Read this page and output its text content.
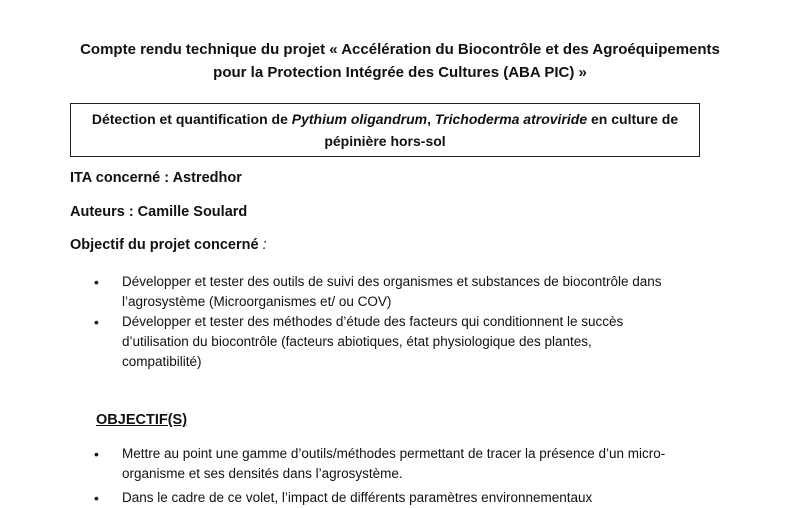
Compte rendu technique du projet « Accélération du Biocontrôle et des Agroéquipements
pour la Protection Intégrée des Cultures (ABA PIC) »
Détection et quantification de Pythium oligandrum, Trichoderma atroviride en culture de
pépinière hors-sol
ITA concerné : Astredhor
Auteurs : Camille Soulard
Objectif du projet concerné :
• Développer et tester des outils de suivi des organismes et substances de biocontrôle dans
l’agrosystème (Microorganismes et/ ou COV)
• Développer et tester des méthodes d’étude des facteurs qui conditionnent le succès
d’utilisation du biocontrôle (facteurs abiotiques, état physiologique des plantes,
compatibilité)
OBJECTIF(S)
• Mettre au point une gamme d’outils/méthodes permettant de tracer la présence d’un micro-
organisme et ses densités dans l’agrosystème.
• Dans le cadre de ce volet, l’impact de différents paramètres environnementaux
